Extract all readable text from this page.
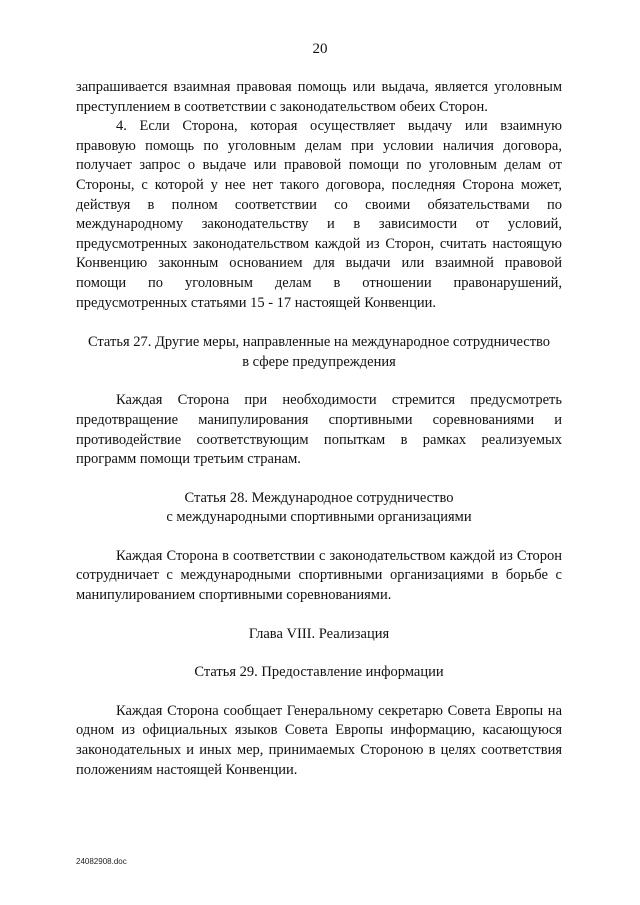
20

запрашивается взаимная правовая помощь или выдача, является уголовным преступлением в соответствии с законодательством обеих Сторон.

4. Если Сторона, которая осуществляет выдачу или взаимную правовую помощь по уголовным делам при условии наличия договора, получает запрос о выдаче или правовой помощи по уголовным делам от Стороны, с которой у нее нет такого договора, последняя Сторона может, действуя в полном соответствии со своими обязательствами по международному законодательству и в зависимости от условий, предусмотренных законодательством каждой из Сторон, считать настоящую Конвенцию законным основанием для выдачи или взаимной правовой помощи по уголовным делам в отношении правонарушений, предусмотренных статьями 15 - 17 настоящей Конвенции.

Статья 27. Другие меры, направленные на международное сотрудничество

в сфере предупреждения

Каждая Сторона при необходимости стремится предусмотреть предотвращение манипулирования спортивными соревнованиями и противодействие соответствующим попыткам в рамках реализуемых программ помощи третьим странам.

Статья 28. Международное сотрудничество

с международными спортивными организациями

Каждая Сторона в соответствии с законодательством каждой из Сторон сотрудничает с международными спортивными организациями в борьбе с манипулированием спортивными соревнованиями.

Глава VIII. Реализация

Статья 29. Предоставление информации

Каждая Сторона сообщает Генеральному секретарю Совета Европы на одном из официальных языков Совета Европы информацию, касающуюся законодательных и иных мер, принимаемых Стороною в целях соответствия положениям настоящей Конвенции.

24082908.doc
